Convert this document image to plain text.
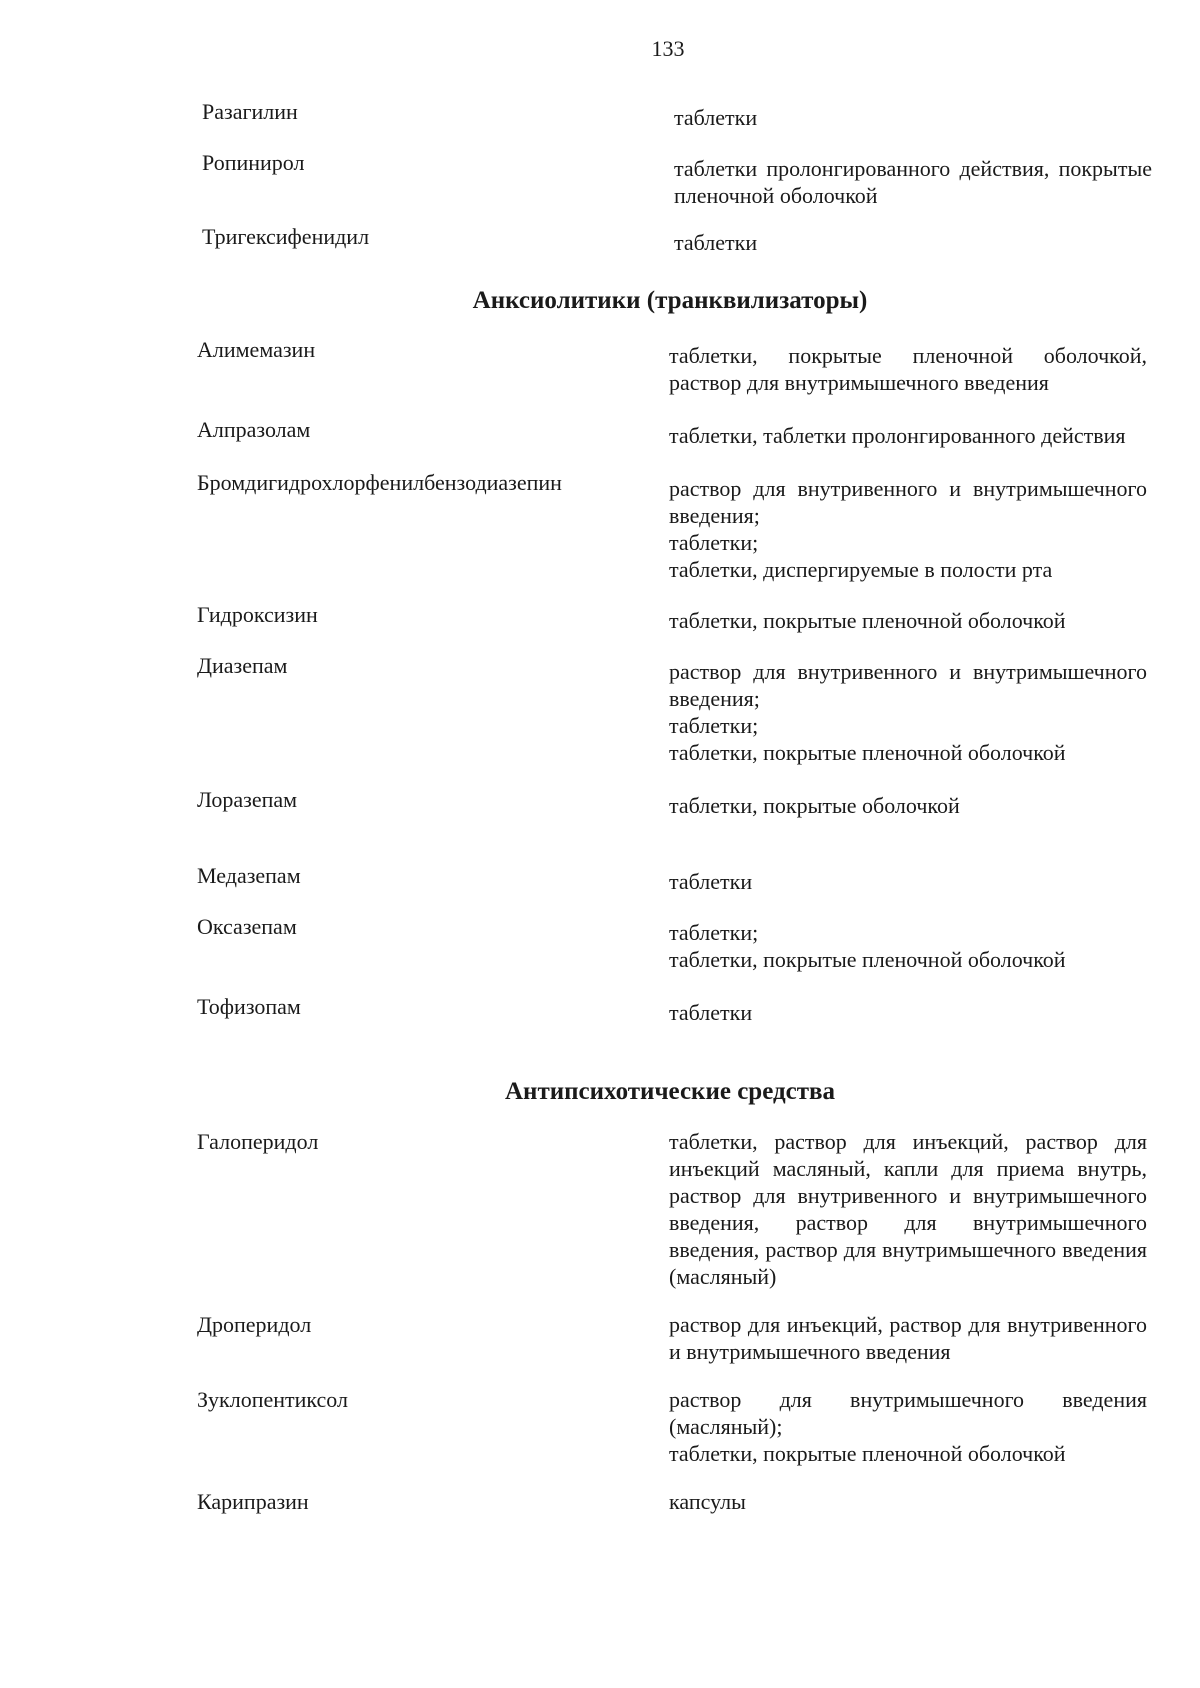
133
Разагилин	таблетки
Ропинирол	таблетки пролонгированного действия, покрытые пленочной оболочкой
Тригексифенидил	таблетки
Анксиолитики (транквилизаторы)
Алимемазин	таблетки, покрытые пленочной оболочкой, раствор для внутримышечного введения
Алпразолам	таблетки, таблетки пролонгированного действия
Бромдигидрохлорфенилбензодиазепин	раствор для внутривенного и внутримышечного введения;
таблетки;
таблетки, диспергируемые в полости рта
Гидроксизин	таблетки, покрытые пленочной оболочкой
Диазепам	раствор для внутривенного и внутримышечного введения;
таблетки;
таблетки, покрытые пленочной оболочкой
Лоразепам	таблетки, покрытые оболочкой
Медазепам	таблетки
Оксазепам	таблетки;
таблетки, покрытые пленочной оболочкой
Тофизопам	таблетки
Антипсихотические средства
Галоперидол	таблетки, раствор для инъекций, раствор для инъекций масляный, капли для приема внутрь, раствор для внутривенного и внутримышечного введения, раствор для внутримышечного введения, раствор для внутримышечного введения (масляный)
Дроперидол	раствор для инъекций, раствор для внутривенного и внутримышечного введения
Зуклопентиксол	раствор для внутримышечного введения (масляный);
таблетки, покрытые пленочной оболочкой
Карипразин	капсулы
